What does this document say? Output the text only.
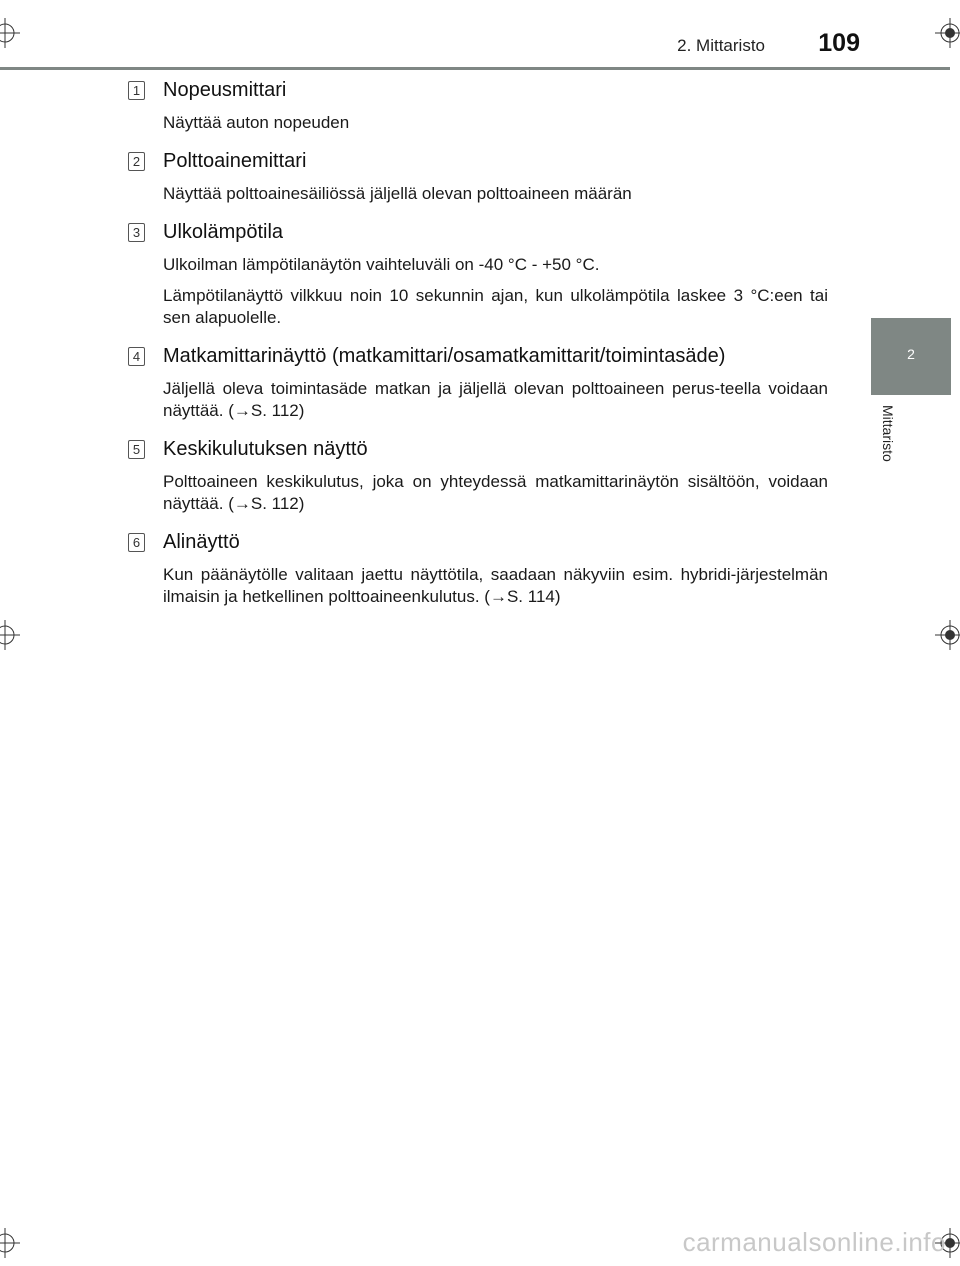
2. Mittaristo	109
2
Mittaristo
1 Nopeusmittari

Näyttää auton nopeuden

2 Polttoainemittari

Näyttää polttoainesäiliössä jäljellä olevan polttoaineen määrän

3 Ulkolämpötila

Ulkoilman lämpötilanäytön vaihteluväli on -40 °C - +50 °C.

Lämpötilanäyttö vilkkuu noin 10 sekunnin ajan, kun ulkolämpötila laskee 3 °C:een tai sen alapuolelle.

4 Matkamittarinäyttö (matkamittari/osamatkamittarit/toimintasäde)

Jäljellä oleva toimintasäde matkan ja jäljellä olevan polttoaineen perus-teella voidaan näyttää. (→S. 112)

5 Keskikulutuksen näyttö

Polttoaineen keskikulutus, joka on yhteydessä matkamittarinäytön sisältöön, voidaan näyttää. (→S. 112)

6 Alinäyttö

Kun päänäytölle valitaan jaettu näyttötila, saadaan näkyviin esim. hybridi-järjestelmän ilmaisin ja hetkellinen polttoaineenkulutus. (→S. 114)

carmanualsonline.info
